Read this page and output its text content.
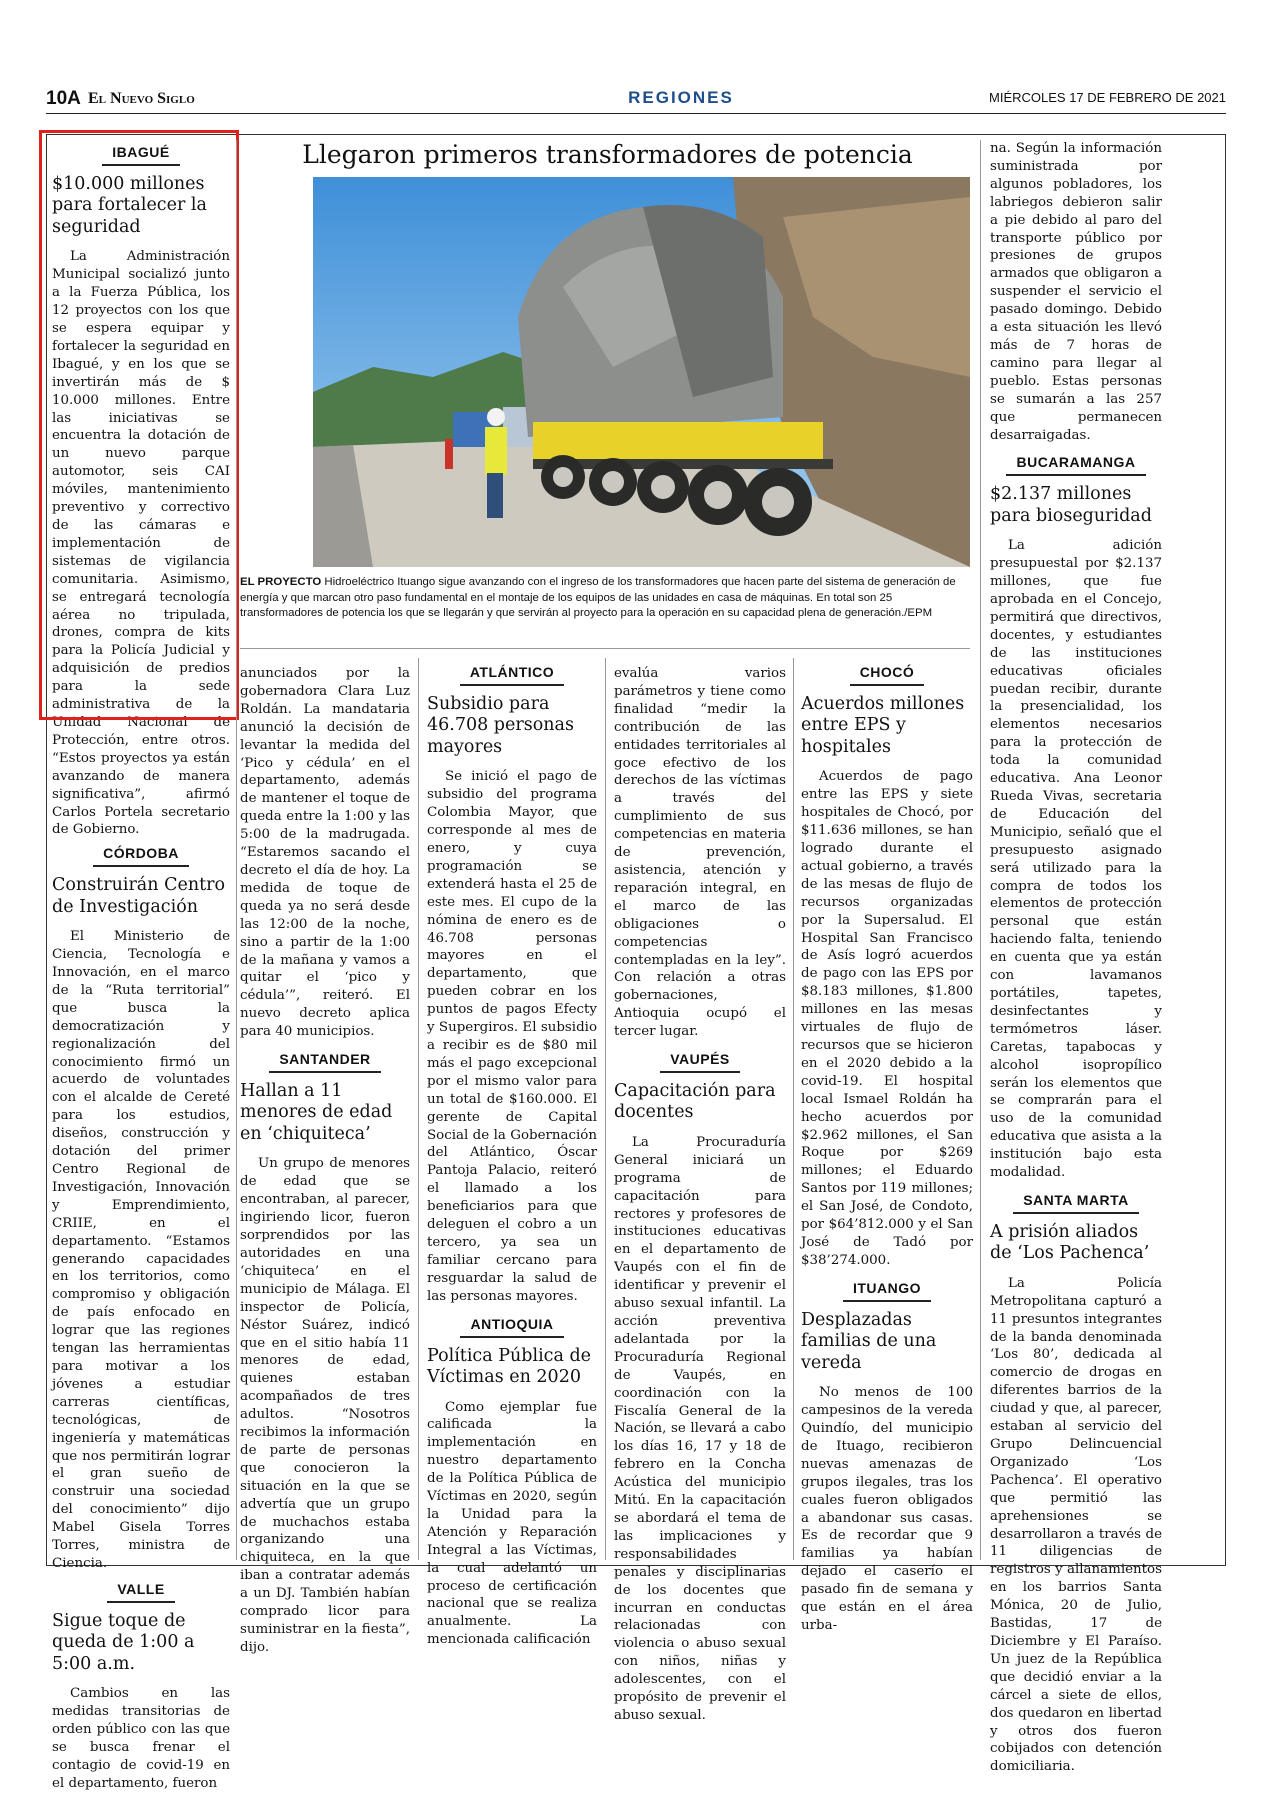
10A El Nuevo Siglo	REGIONES	MIÉRCOLES 17 DE FEBRERO DE 2021
IBAGUÉ
$10.000 millones para fortalecer la seguridad

La Administración Municipal socializó junto a la Fuerza Pública, los 12 proyectos con los que se espera equipar y fortalecer la seguridad en Ibagué, y en los que se invertirán más de $ 10.000 millones. Entre las iniciativas se encuentra la dotación de un nuevo parque automotor, seis CAI móviles, mantenimiento preventivo y correctivo de las cámaras e implementación de sistemas de vigilancia comunitaria. Asimismo, se entregará tecnología aérea no tripulada, drones, compra de kits para la Policía Judicial y adquisición de predios para la sede administrativa de la Unidad Nacional de Protección, entre otros. “Estos proyectos ya están avanzando de manera significativa”, afirmó Carlos Portela secretario de Gobierno.

CÓRDOBA
Construirán Centro de Investigación

El Ministerio de Ciencia, Tecnología e Innovación, en el marco de la “Ruta territorial” que busca la democratización y regionalización del conocimiento firmó un acuerdo de voluntades con el alcalde de Cereté para los estudios, diseños, construcción y dotación del primer Centro Regional de Investigación, Innovación y Emprendimiento, CRIIE, en el departamento. “Estamos generando capacidades en los territorios, como compromiso y obligación de país enfocado en lograr que las regiones tengan las herramientas para motivar a los jóvenes a estudiar carreras científicas, tecnológicas, de ingeniería y matemáticas que nos permitirán lograr el gran sueño de construir una sociedad del conocimiento” dijo Mabel Gisela Torres Torres, ministra de Ciencia.

VALLE
Sigue toque de queda de 1:00 a 5:00 a.m.

Cambios en las medidas transitorias de orden público con las que se busca frenar el contagio de covid-19 en el departamento, fueron

Llegaron primeros transformadores de potencia
EL PROYECTO Hidroeléctrico Ituango sigue avanzando con el ingreso de los transformadores que hacen parte del sistema de generación de energía y que marcan otro paso fundamental en el montaje de los equipos de las unidades en casa de máquinas. En total son 25 transformadores de potencia los que se llegarán y que servirán al proyecto para la operación en su capacidad plena de generación./EPM

anunciados por la gobernadora Clara Luz Roldán. La mandataria anunció la decisión de levantar la medida del ‘Pico y cédula’ en el departamento, además de mantener el toque de queda entre la 1:00 y las 5:00 de la madrugada. “Estaremos sacando el decreto el día de hoy. La medida de toque de queda ya no será desde las 12:00 de la noche, sino a partir de la 1:00 de la mañana y vamos a quitar el ‘pico y cédula’”, reiteró. El nuevo decreto aplica para 40 municipios.

SANTANDER
Hallan a 11 menores de edad en ‘chiquiteca’

Un grupo de menores de edad que se encontraban, al parecer, ingiriendo licor, fueron sorprendidos por las autoridades en una ‘chiquiteca’ en el municipio de Málaga. El inspector de Policía, Néstor Suárez, indicó que en el sitio había 11 menores de edad, quienes estaban acompañados de tres adultos. “Nosotros recibimos la información de parte de personas que conocieron la situación en la que se advertía que un grupo de muchachos estaba organizando una chiquiteca, en la que iban a contratar además a un DJ. También habían comprado licor para suministrar en la fiesta”, dijo.

ATLÁNTICO
Subsidio para 46.708 personas mayores

Se inició el pago de subsidio del programa Colombia Mayor, que corresponde al mes de enero, y cuya programación se extenderá hasta el 25 de este mes. El cupo de la nómina de enero es de 46.708 personas mayores en el departamento, que pueden cobrar en los puntos de pagos Efecty y Supergiros. El subsidio a recibir es de $80 mil más el pago excepcional por el mismo valor para un total de $160.000. El gerente de Capital Social de la Gobernación del Atlántico, Óscar Pantoja Palacio, reiteró el llamado a los beneficiarios para que deleguen el cobro a un tercero, ya sea un familiar cercano para resguardar la salud de las personas mayores.

ANTIOQUIA
Política Pública de Víctimas en 2020

Como ejemplar fue calificada la implementación en nuestro departamento de la Política Pública de Víctimas en 2020, según la Unidad para la Atención y Reparación Integral a las Víctimas, la cual adelantó un proceso de certificación nacional que se realiza anualmente. La mencionada calificación

evalúa varios parámetros y tiene como finalidad “medir la contribución de las entidades territoriales al goce efectivo de los derechos de las víctimas a través del cumplimiento de sus competencias en materia de prevención, asistencia, atención y reparación integral, en el marco de las obligaciones o competencias contempladas en la ley”. Con relación a otras gobernaciones, Antioquia ocupó el tercer lugar.

VAUPÉS
Capacitación para docentes

La Procuraduría General iniciará un programa de capacitación para rectores y profesores de instituciones educativas en el departamento de Vaupés con el fin de identificar y prevenir el abuso sexual infantil. La acción preventiva adelantada por la Procuraduría Regional de Vaupés, en coordinación con la Fiscalía General de la Nación, se llevará a cabo los días 16, 17 y 18 de febrero en la Concha Acústica del municipio Mitú. En la capacitación se abordará el tema de las implicaciones y responsabilidades penales y disciplinarias de los docentes que incurran en conductas relacionadas con violencia o abuso sexual con niños, niñas y adolescentes, con el propósito de prevenir el abuso sexual.

CHOCÓ
Acuerdos millones entre EPS y hospitales

Acuerdos de pago entre las EPS y siete hospitales de Chocó, por $11.636 millones, se han logrado durante el actual gobierno, a través de las mesas de flujo de recursos organizadas por la Supersalud. El Hospital San Francisco de Asís logró acuerdos de pago con las EPS por $8.183 millones, $1.800 millones en las mesas virtuales de flujo de recursos que se hicieron en el 2020 debido a la covid-19. El hospital local Ismael Roldán ha hecho acuerdos por $2.962 millones, el San Roque por $269 millones; el Eduardo Santos por 119 millones; el San José, de Condoto, por $64’812.000 y el San José de Tadó por $38’274.000.

ITUANGO
Desplazadas familias de una vereda

No menos de 100 campesinos de la vereda Quindío, del municipio de Ituago, recibieron nuevas amenazas de grupos ilegales, tras los cuales fueron obligados a abandonar sus casas. Es de recordar que 9 familias ya habían dejado el caserío el pasado fin de semana y que están en el área urba-

na. Según la información suministrada por algunos pobladores, los labriegos debieron salir a pie debido al paro del transporte público por presiones de grupos armados que obligaron a suspender el servicio el pasado domingo. Debido a esta situación les llevó más de 7 horas de camino para llegar al pueblo. Estas personas se sumarán a las 257 que permanecen desarraigadas.

BUCARAMANGA
$2.137 millones para bioseguridad

La adición presupuestal por $2.137 millones, que fue aprobada en el Concejo, permitirá que directivos, docentes, y estudiantes de las instituciones educativas oficiales puedan recibir, durante la presencialidad, los elementos necesarios para la protección de toda la comunidad educativa. Ana Leonor Rueda Vivas, secretaria de Educación del Municipio, señaló que el presupuesto asignado será utilizado para la compra de todos los elementos de protección personal que están haciendo falta, teniendo en cuenta que ya están con lavamanos portátiles, tapetes, desinfectantes y termómetros láser. Caretas, tapabocas y alcohol isopropílico serán los elementos que se comprarán para el uso de la comunidad educativa que asista a la institución bajo esta modalidad.

SANTA MARTA
A prisión aliados de ‘Los Pachenca’

La Policía Metropolitana capturó a 11 presuntos integrantes de la banda denominada ‘Los 80’, dedicada al comercio de drogas en diferentes barrios de la ciudad y que, al parecer, estaban al servicio del Grupo Delincuencial Organizado ‘Los Pachenca’. El operativo que permitió las aprehensiones se desarrollaron a través de 11 diligencias de registros y allanamientos en los barrios Santa Mónica, 20 de Julio, Bastidas, 17 de Diciembre y El Paraíso. Un juez de la República que decidió enviar a la cárcel a siete de ellos, dos quedaron en libertad y otros dos fueron cobijados con detención domiciliaria.
